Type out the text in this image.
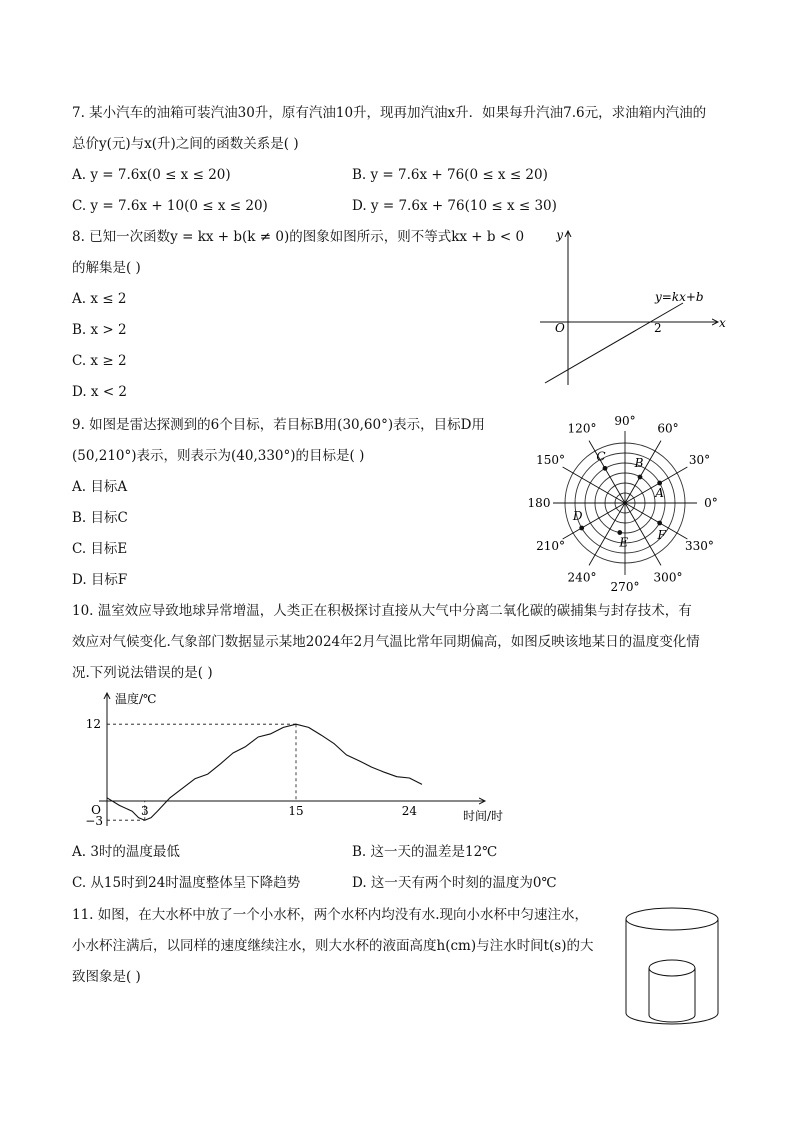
7. 某小汽车的油箱可装汽油30升，原有汽油10升，现再加汽油x升．如果每升汽油7.6元，求油箱内汽油的
总价y(元)与x(升)之间的函数关系是( )
A. y = 7.6x(0 ≤ x ≤ 20)	B. y = 7.6x + 76(0 ≤ x ≤ 20)
C. y = 7.6x + 10(0 ≤ x ≤ 20)	D. y = 7.6x + 76(10 ≤ x ≤ 30)
8. 已知一次函数y = kx + b(k ≠ 0)的图象如图所示，则不等式kx + b < 0
的解集是( )
A. x ≤ 2
B. x > 2
C. x ≥ 2
D. x < 2
y
x
O	2
y=kx+b
9. 如图是雷达探测到的6个目标，若目标B用(30,60°)表示，目标D用
(50,210°)表示，则表示为(40,330°)的目标是( )
A. 目标A
B. 目标C
C. 目标E
D. 目标F
0°
30°
60°
90°
120°
150°
180
210°
240°
270°
300°
330°
A
B
C
D
E
F
10. 温室效应导致地球异常增温，人类正在积极探讨直接从大气中分离二氧化碳的碳捕集与封存技术，有
效应对气候变化.气象部门数据显示某地2024年2月气温比常年同期偏高，如图反映该地某日的温度变化情
况.下列说法错误的是( )
温度/℃
时间/时
O
12
−3
3	15	24
A. 3时的温度最低	B. 这一天的温差是12℃
C. 从15时到24时温度整体呈下降趋势	D. 这一天有两个时刻的温度为0℃
11. 如图，在大水杯中放了一个小水杯，两个水杯内均没有水.现向小水杯中匀速注水，
小水杯注满后，以同样的速度继续注水，则大水杯的液面高度h(cm)与注水时间t(s)的大
致图象是( )
